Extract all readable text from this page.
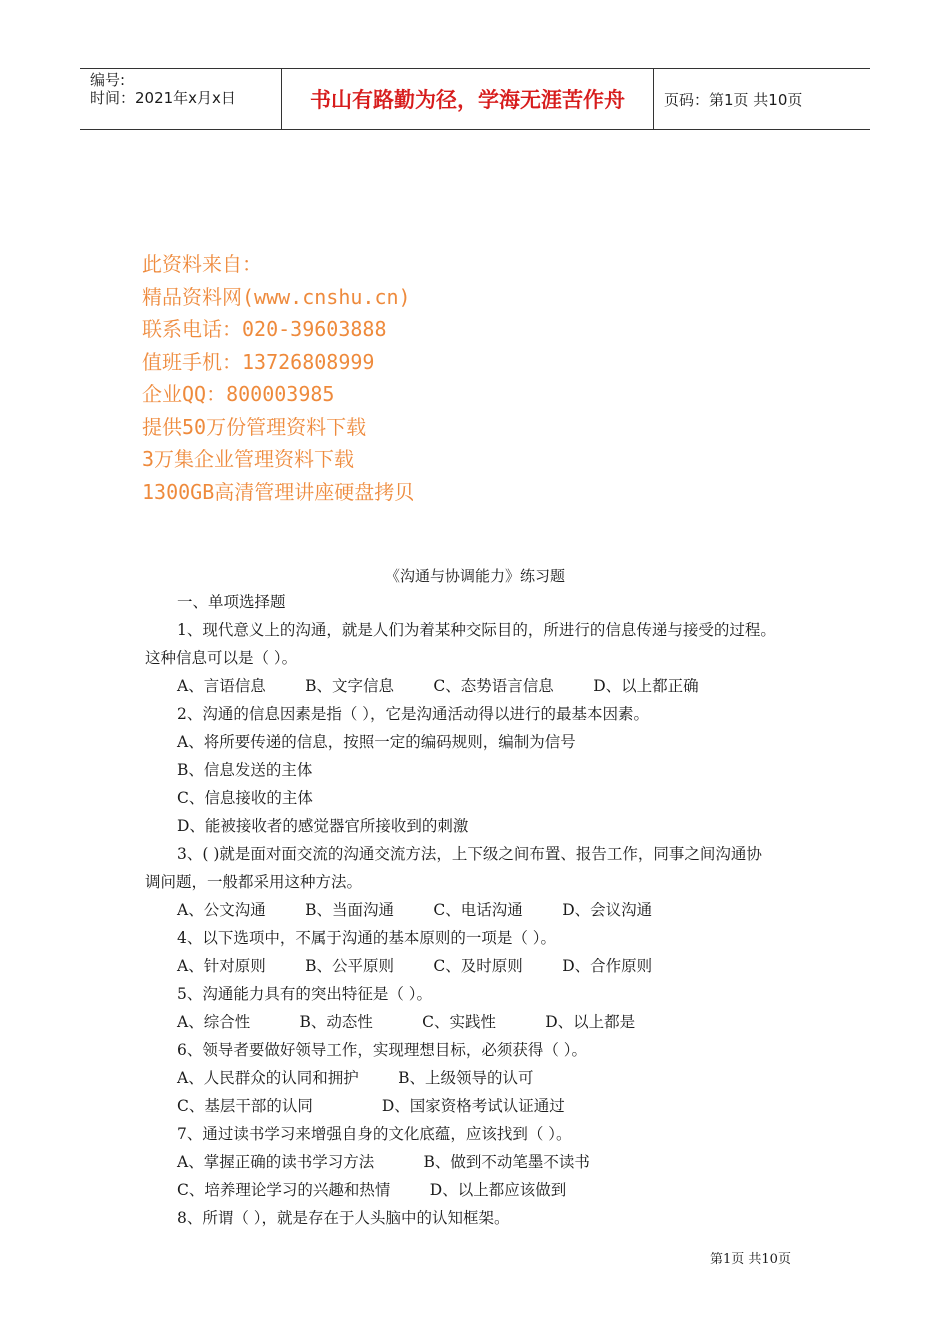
编号:
时间：2021年x月x日	书山有路勤为径，学海无涯苦作舟	页码：第1页 共10页
此资料来自：
精品资料网(www.cnshu.cn)
联系电话：020-39603888
值班手机：13726808999
企业QQ：800003985
提供50万份管理资料下载
3万集企业管理资料下载
1300GB高清管理讲座硬盘拷贝
《沟通与协调能力》练习题
一、单项选择题
1、现代意义上的沟通，就是人们为着某种交际目的，所进行的信息传递与接受的过程。
这种信息可以是（ ）。
A、言语信息        B、文字信息        C、态势语言信息        D、以上都正确
2、沟通的信息因素是指（ ），它是沟通活动得以进行的最基本因素。
A、将所要传递的信息，按照一定的编码规则，编制为信号
B、信息发送的主体
C、信息接收的主体
D、能被接收者的感觉器官所接收到的刺激
3、( )就是面对面交流的沟通交流方法，上下级之间布置、报告工作，同事之间沟通协
调问题，一般都采用这种方法。
A、公文沟通        B、当面沟通        C、电话沟通        D、会议沟通
4、以下选项中，不属于沟通的基本原则的一项是（ ）。
A、针对原则        B、公平原则        C、及时原则        D、合作原则
5、沟通能力具有的突出特征是（ ）。
A、综合性          B、动态性          C、实践性          D、以上都是
6、领导者要做好领导工作，实现理想目标，必须获得（ ）。
A、人民群众的认同和拥护        B、上级领导的认可
C、基层干部的认同              D、国家资格考试认证通过
7、通过读书学习来增强自身的文化底蕴，应该找到（ ）。
A、掌握正确的读书学习方法          B、做到不动笔墨不读书
C、培养理论学习的兴趣和热情        D、以上都应该做到
8、所谓（ ），就是存在于人头脑中的认知框架。
第1页 共10页
